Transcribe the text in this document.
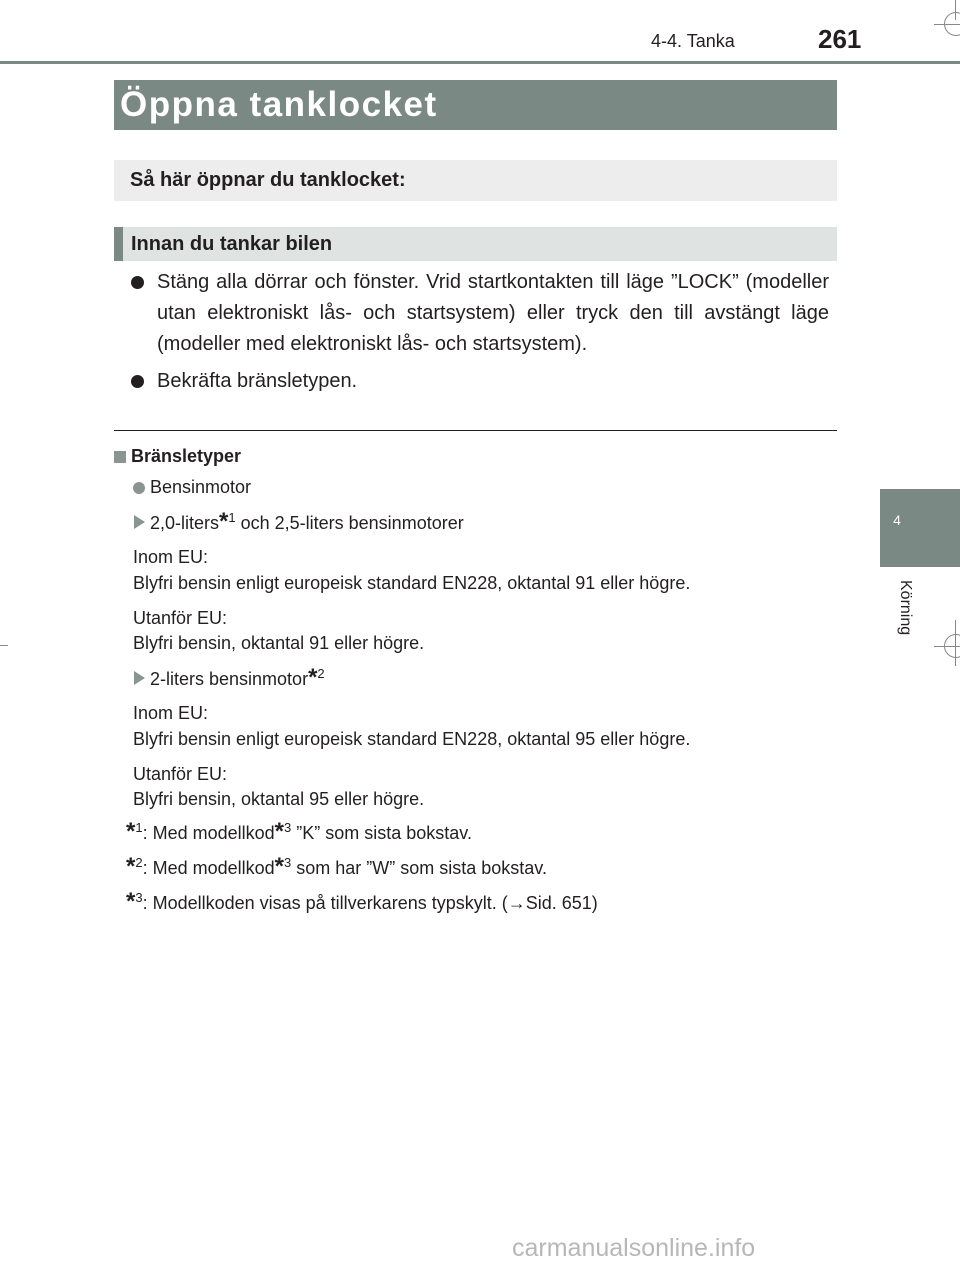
4-4. Tanka	261
4
Körning
Öppna tanklocket
Så här öppnar du tanklocket:
Innan du tankar bilen
Stäng alla dörrar och fönster. Vrid startkontakten till läge ”LOCK” (modeller utan elektroniskt lås- och startsystem) eller tryck den till avstängt läge (modeller med elektroniskt lås- och startsystem).
Bekräfta bränsletypen.
Bränsletyper
Bensinmotor
2,0-liters*$^1$ och 2,5-liters bensinmotorer
Inom EU:
Blyfri bensin enligt europeisk standard EN228, oktantal 91 eller högre.
Utanför EU:
Blyfri bensin, oktantal 91 eller högre.
2-liters bensinmotor*$^2$
Inom EU:
Blyfri bensin enligt europeisk standard EN228, oktantal 95 eller högre.
Utanför EU:
Blyfri bensin, oktantal 95 eller högre.
*$^1$: Med modellkod*$^3$ ”K” som sista bokstav.
*$^2$: Med modellkod*$^3$ som har ”W” som sista bokstav.
*$^3$: Modellkoden visas på tillverkarens typskylt. (→Sid. 651)
carmanualsonline.info
